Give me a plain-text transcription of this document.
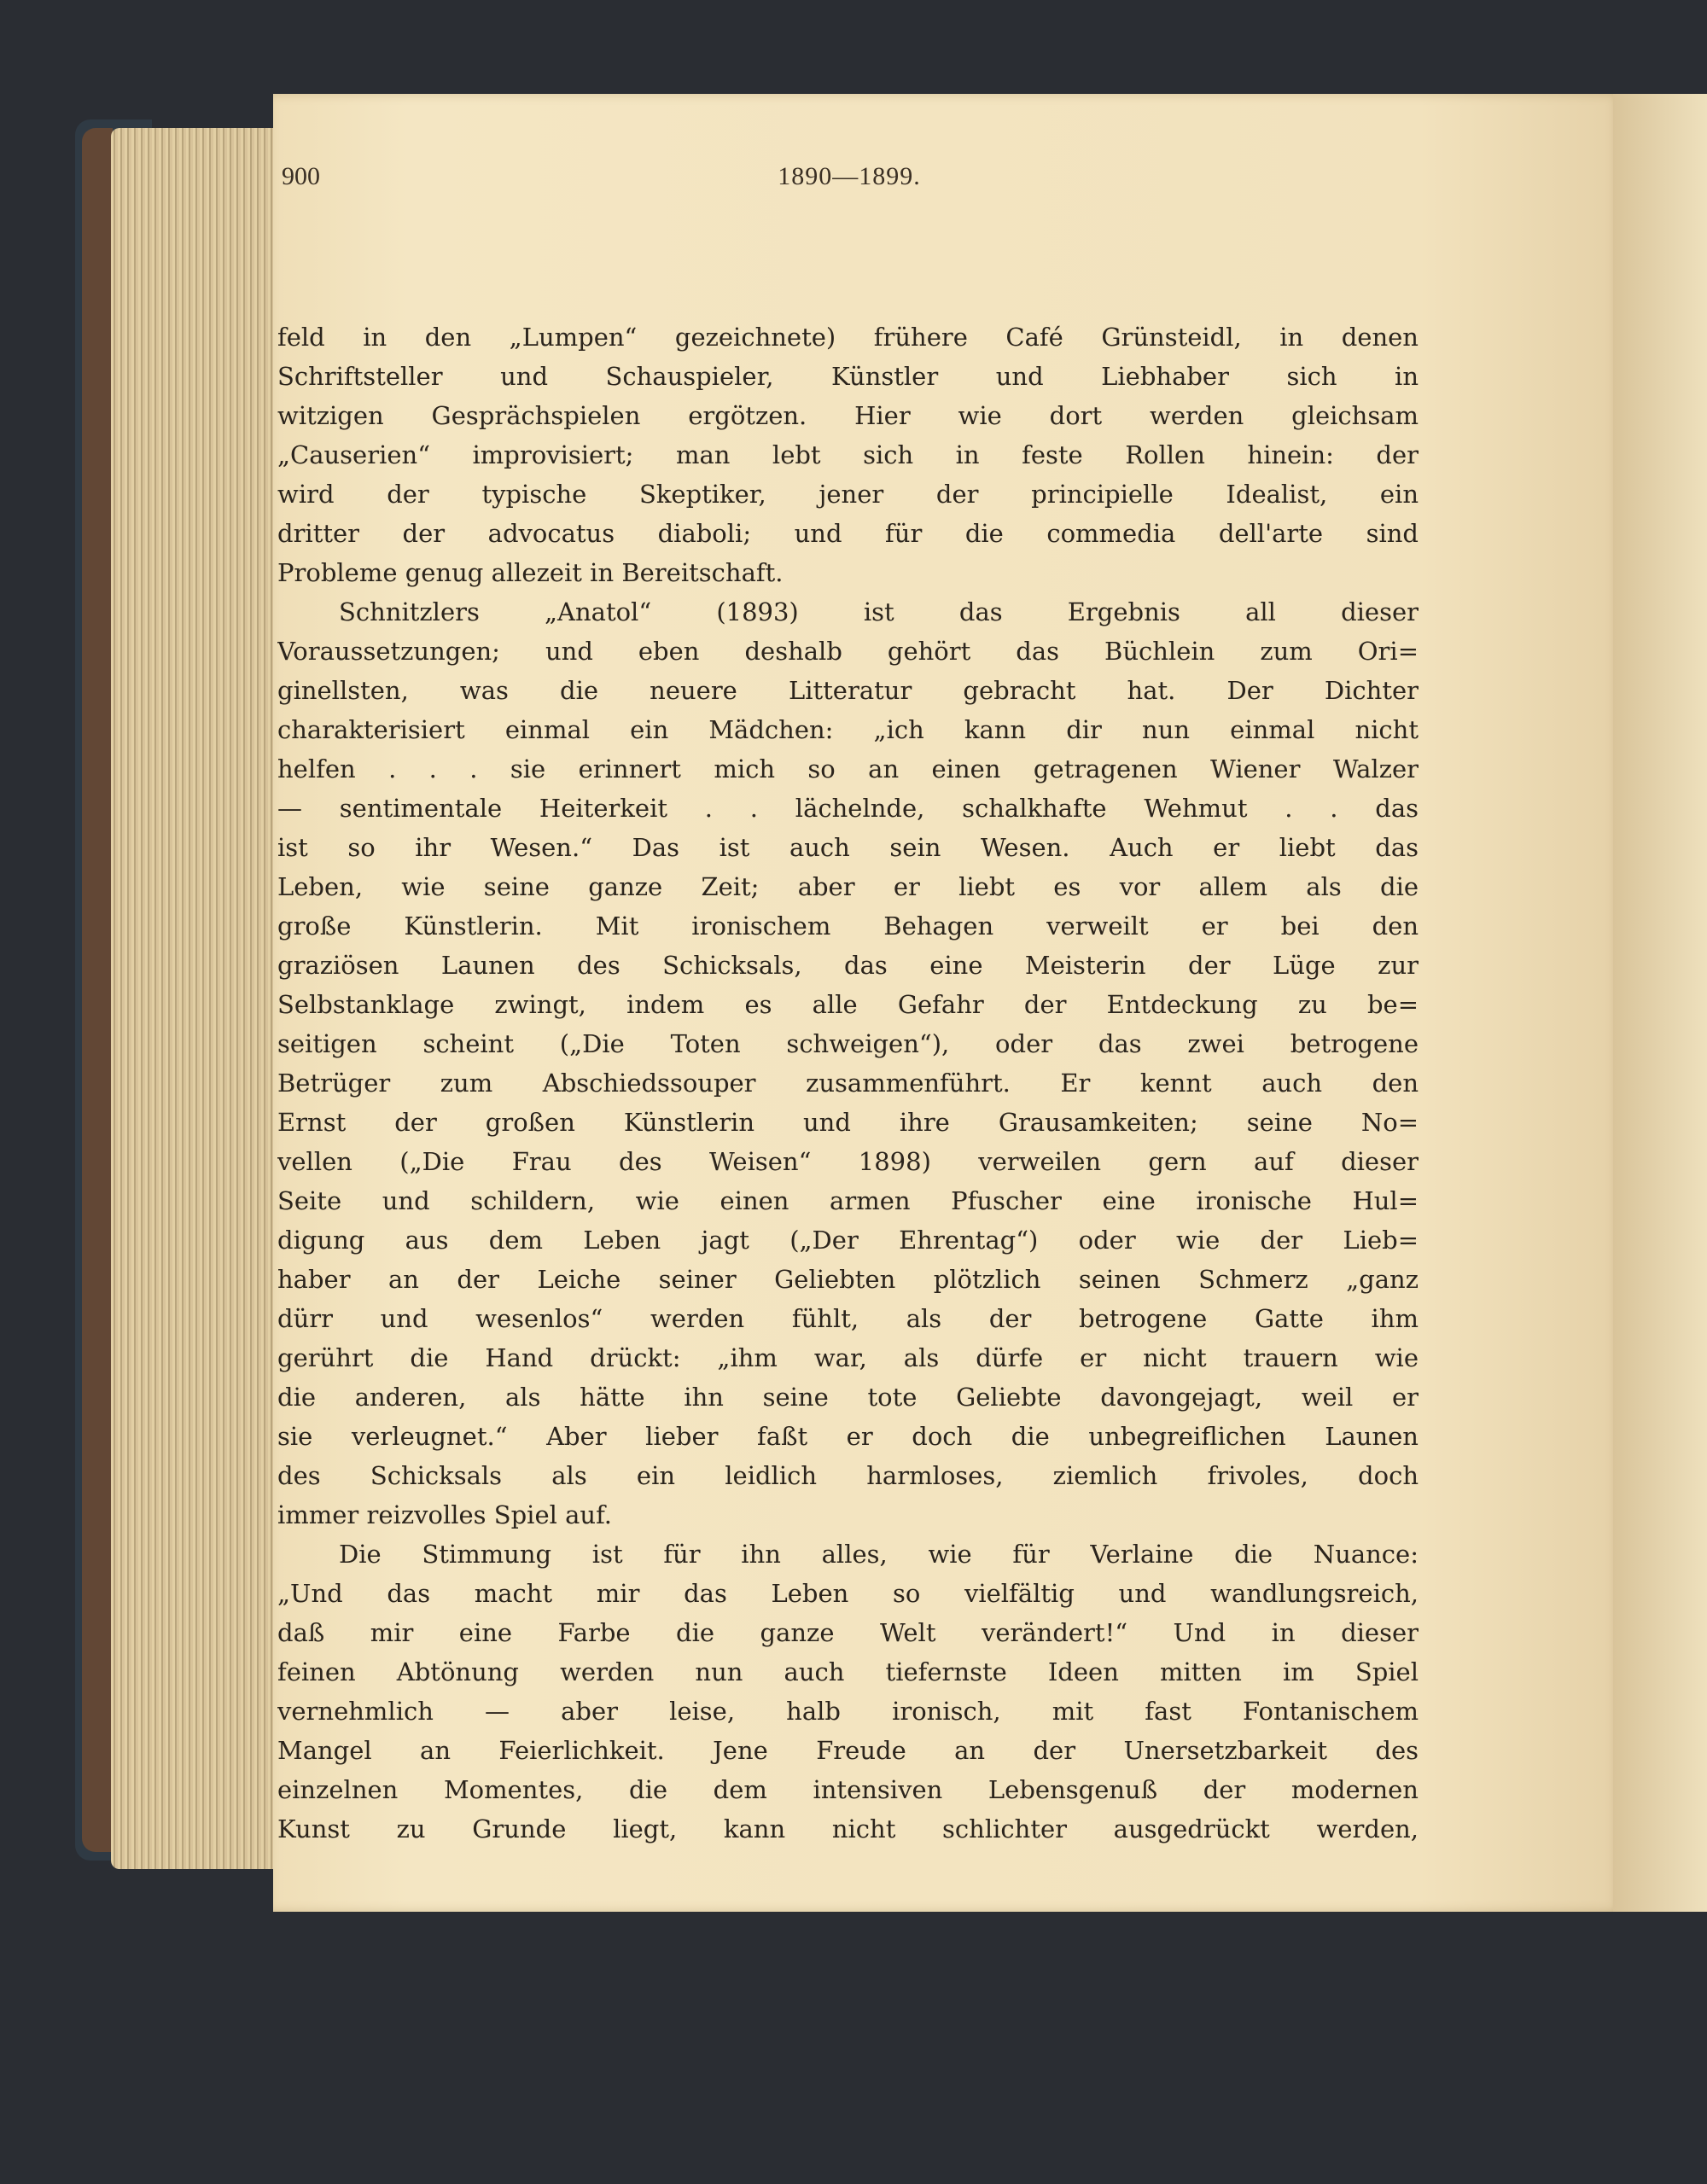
900	1890—1899.
feld in den „Lumpen“ gezeichnete) frühere Café Grünsteidl, in denen
Schriftsteller und Schauspieler, Künstler und Liebhaber sich in
witzigen Gesprächspielen ergötzen. Hier wie dort werden gleichsam
„Causerien“ improvisiert; man lebt sich in feste Rollen hinein: der
wird der typische Skeptiker, jener der principielle Idealist, ein
dritter der advocatus diaboli; und für die commedia dell'arte sind
Probleme genug allezeit in Bereitschaft.
Schnitzlers „Anatol“ (1893) ist das Ergebnis all dieser
Voraussetzungen; und eben deshalb gehört das Büchlein zum Ori=
ginellsten, was die neuere Litteratur gebracht hat. Der Dichter
charakterisiert einmal ein Mädchen: „ich kann dir nun einmal nicht
helfen . . . sie erinnert mich so an einen getragenen Wiener Walzer
— sentimentale Heiterkeit . . lächelnde, schalkhafte Wehmut . . das
ist so ihr Wesen.“ Das ist auch sein Wesen. Auch er liebt das
Leben, wie seine ganze Zeit; aber er liebt es vor allem als die
große Künstlerin. Mit ironischem Behagen verweilt er bei den
graziösen Launen des Schicksals, das eine Meisterin der Lüge zur
Selbstanklage zwingt, indem es alle Gefahr der Entdeckung zu be=
seitigen scheint („Die Toten schweigen“), oder das zwei betrogene
Betrüger zum Abschiedssouper zusammenführt. Er kennt auch den
Ernst der großen Künstlerin und ihre Grausamkeiten; seine No=
vellen („Die Frau des Weisen“ 1898) verweilen gern auf dieser
Seite und schildern, wie einen armen Pfuscher eine ironische Hul=
digung aus dem Leben jagt („Der Ehrentag“) oder wie der Lieb=
haber an der Leiche seiner Geliebten plötzlich seinen Schmerz „ganz
dürr und wesenlos“ werden fühlt, als der betrogene Gatte ihm
gerührt die Hand drückt: „ihm war, als dürfe er nicht trauern wie
die anderen, als hätte ihn seine tote Geliebte davongejagt, weil er
sie verleugnet.“ Aber lieber faßt er doch die unbegreiflichen Launen
des Schicksals als ein leidlich harmloses, ziemlich frivoles, doch
immer reizvolles Spiel auf.
Die Stimmung ist für ihn alles, wie für Verlaine die Nuance:
„Und das macht mir das Leben so vielfältig und wandlungsreich,
daß mir eine Farbe die ganze Welt verändert!“ Und in dieser
feinen Abtönung werden nun auch tiefernste Ideen mitten im Spiel
vernehmlich — aber leise, halb ironisch, mit fast Fontanischem
Mangel an Feierlichkeit. Jene Freude an der Unersetzbarkeit des
einzelnen Momentes, die dem intensiven Lebensgenuß der modernen
Kunst zu Grunde liegt, kann nicht schlichter ausgedrückt werden,
